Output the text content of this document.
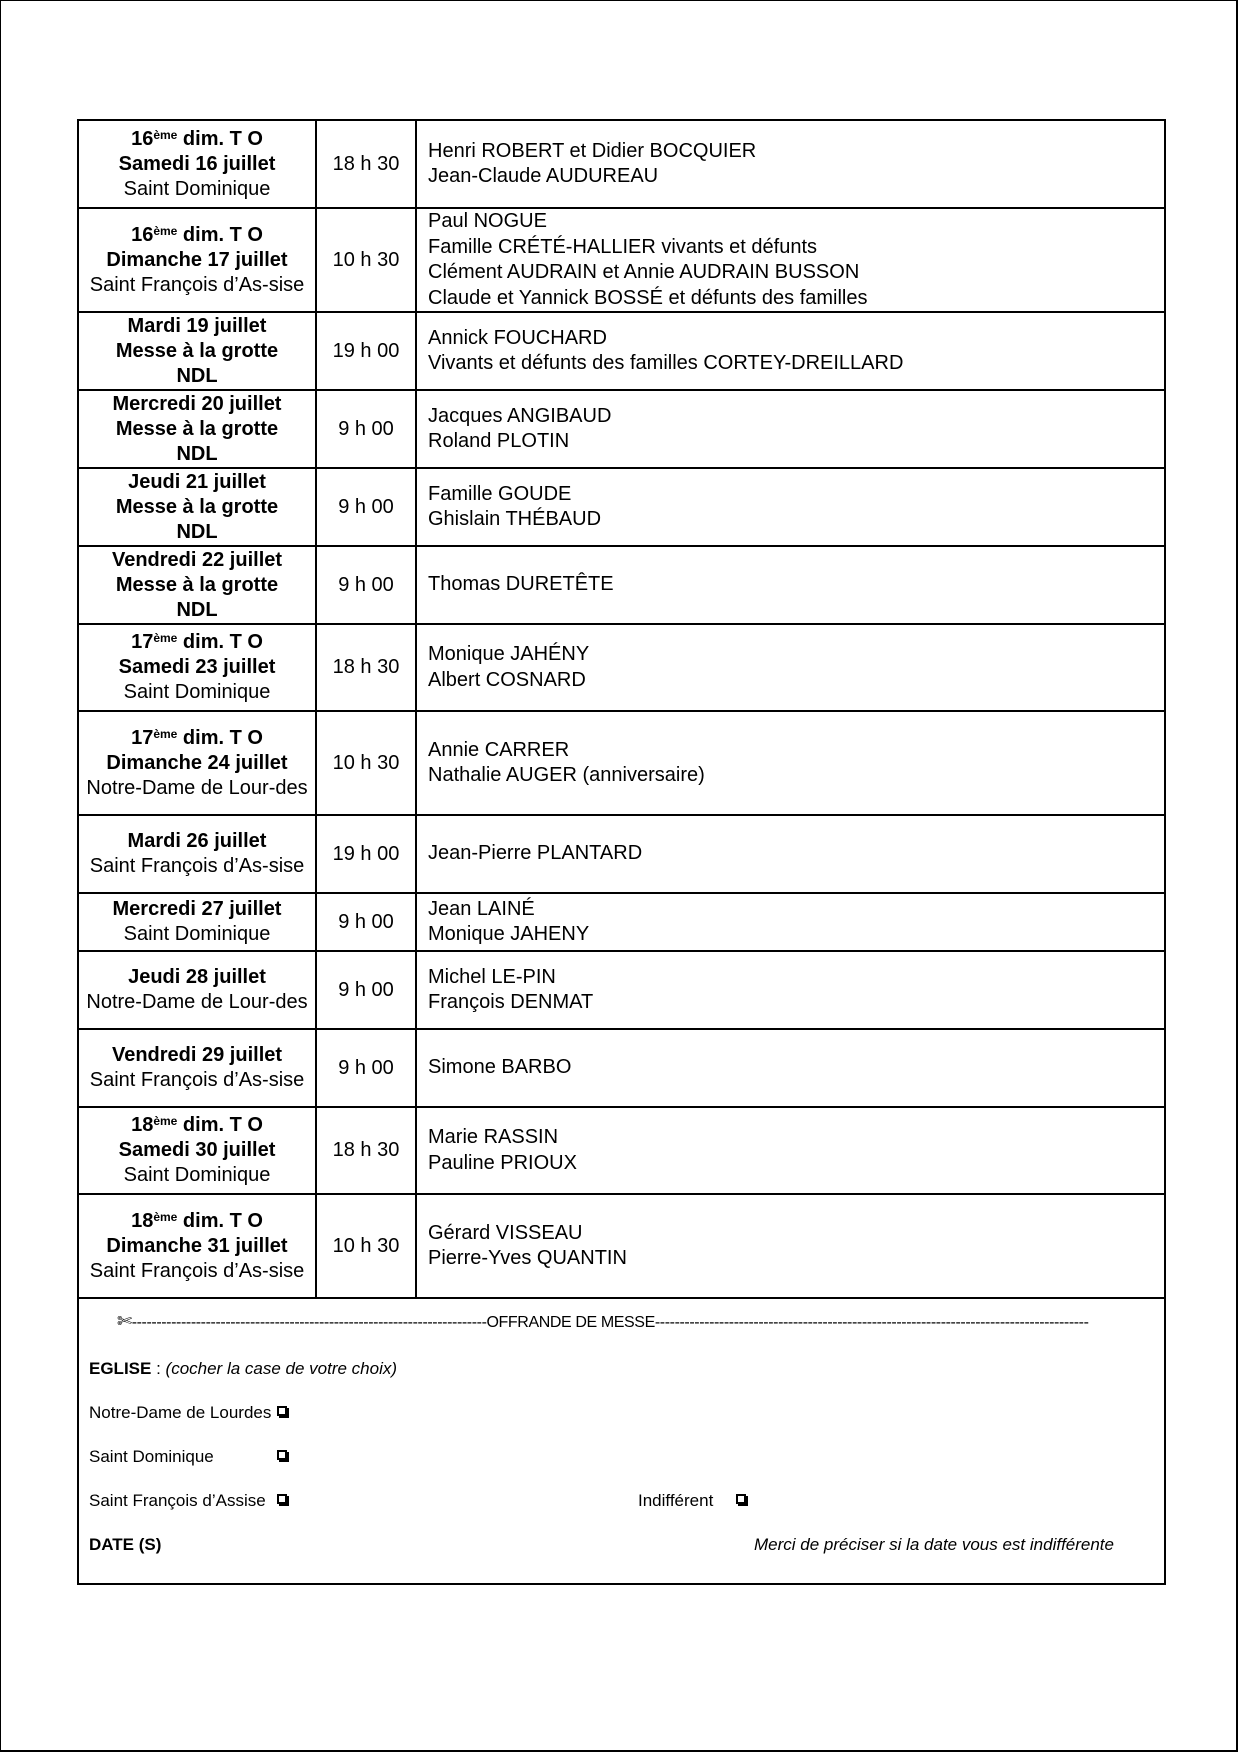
16ème dim. T O
Samedi 16 juillet
Saint Dominique	18 h 30	Henri ROBERT et Didier BOCQUIER
Jean-Claude AUDUREAU

16ème dim. T O
Dimanche 17 juillet
Saint François d’As-sise	10 h 30	Paul NOGUE
Famille CRÉTÉ-HALLIER vivants et défunts
Clément AUDRAIN et Annie AUDRAIN BUSSON
Claude et Yannick BOSSÉ et défunts des familles

Mardi 19 juillet
Messe à la grotte
NDL	19 h 00	Annick FOUCHARD
Vivants et défunts des familles CORTEY-DREILLARD

Mercredi 20 juillet
Messe à la grotte
NDL	9 h 00	Jacques ANGIBAUD
Roland PLOTIN

Jeudi 21 juillet
Messe à la grotte
NDL	9 h 00	Famille GOUDE
Ghislain THÉBAUD

Vendredi 22 juillet
Messe à la grotte
NDL	9 h 00	Thomas DURETÊTE

17ème dim. T O
Samedi 23 juillet
Saint Dominique	18 h 30	Monique JAHÉNY
Albert COSNARD

17ème dim. T O
Dimanche 24 juillet
Notre-Dame de Lour-des	10 h 30	Annie CARRER
Nathalie AUGER (anniversaire)

Mardi 26 juillet
Saint François d’As-sise	19 h 00	Jean-Pierre PLANTARD

Mercredi 27 juillet
Saint Dominique	9 h 00	Jean LAINÉ
Monique JAHENY

Jeudi 28 juillet
Notre-Dame de Lour-des	9 h 00	Michel LE-PIN
François DENMAT

Vendredi 29 juillet
Saint François d’As-sise	9 h 00	Simone BARBO

18ème dim. T O
Samedi 30 juillet
Saint Dominique	18 h 30	Marie RASSIN
Pauline PRIOUX

18ème dim. T O
Dimanche 31 juillet
Saint François d’As-sise	10 h 30	Gérard VISSEAU
Pierre-Yves QUANTIN
✄------------------------------------------------------------------------OFFRANDE DE MESSE----------------------------------------------------------------------------------------
EGLISE : (cocher la case de votre choix)
Notre-Dame de Lourdes
Saint Dominique
Saint François d’Assise	Indifférent
DATE (S)	Merci de préciser si la date vous est indifférente
